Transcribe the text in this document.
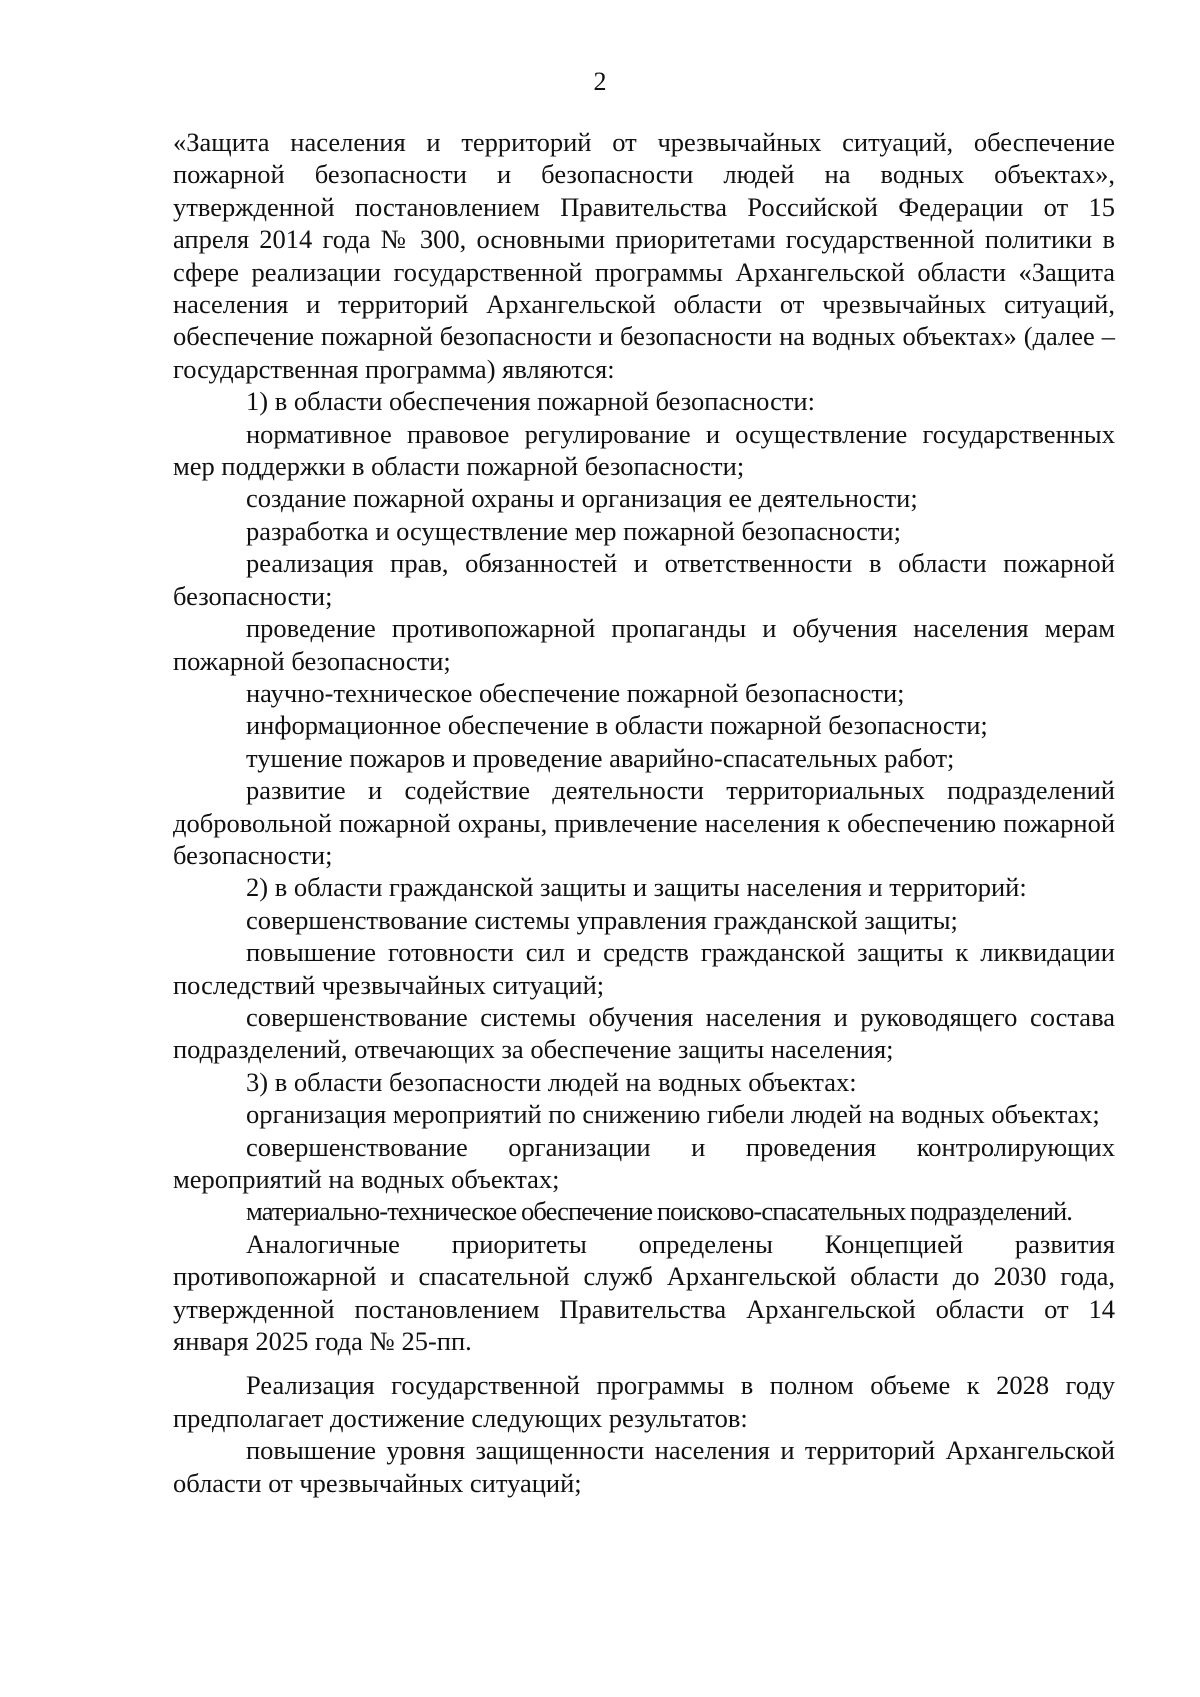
2

«Защита населения и территорий от чрезвычайных ситуаций, обеспечение пожарной безопасности и безопасности людей на водных объектах», утвержденной постановлением Правительства Российской Федерации от 15 апреля 2014 года № 300, основными приоритетами государственной политики в сфере реализации государственной программы Архангельской области «Защита населения и территорий Архангельской области от чрезвычайных ситуаций, обеспечение пожарной безопасности и безопасности на водных объектах» (далее – государственная программа) являются:

1) в области обеспечения пожарной безопасности:

нормативное правовое регулирование и осуществление государственных мер поддержки в области пожарной безопасности;

создание пожарной охраны и организация ее деятельности;

разработка и осуществление мер пожарной безопасности;

реализация прав, обязанностей и ответственности в области пожарной безопасности;

проведение противопожарной пропаганды и обучения населения мерам пожарной безопасности;

научно-техническое обеспечение пожарной безопасности;

информационное обеспечение в области пожарной безопасности;

тушение пожаров и проведение аварийно-спасательных работ;

развитие и содействие деятельности территориальных подразделений добровольной пожарной охраны, привлечение населения к обеспечению пожарной безопасности;

2) в области гражданской защиты и защиты населения и территорий:

совершенствование системы управления гражданской защиты;

повышение готовности сил и средств гражданской защиты к ликвидации последствий чрезвычайных ситуаций;

совершенствование системы обучения населения и руководящего состава подразделений, отвечающих за обеспечение защиты населения;

3) в области безопасности людей на водных объектах:

организация мероприятий по снижению гибели людей на водных объектах;

совершенствование организации и проведения контролирующих мероприятий на водных объектах;

материально-техническое обеспечение поисково-спасательных подразделений.

Аналогичные приоритеты определены Концепцией развития противопожарной и спасательной служб Архангельской области до 2030 года, утвержденной постановлением Правительства Архангельской области от 14 января 2025 года № 25-пп.

Реализация государственной программы в полном объеме к 2028 году предполагает достижение следующих результатов:

повышение уровня защищенности населения и территорий Архангельской области от чрезвычайных ситуаций;
